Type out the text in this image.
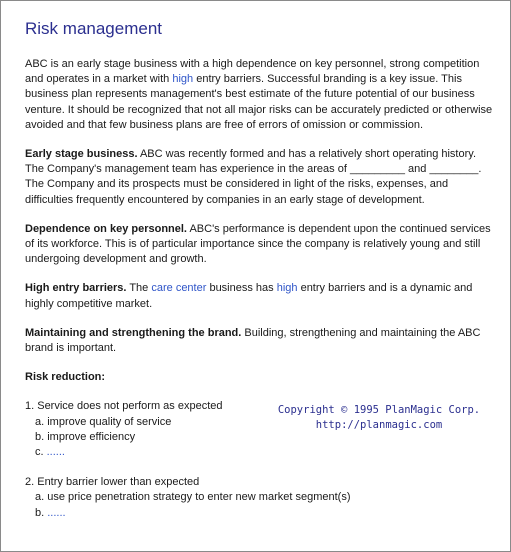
Risk management

ABC is an early stage business with a high dependence on key personnel, strong competition and operates in a market with high entry barriers. Successful branding is a key issue. This business plan represents management's best estimate of the future potential of our business venture. It should be recognized that not all major risks can be accurately predicted or otherwise avoided and that few business plans are free of errors of omission or commission.

Early stage business. ABC was recently formed and has a relatively short operating history. The Company's management team has experience in the areas of _________ and ________. The Company and its prospects must be considered in light of the risks, expenses, and difficulties frequently encountered by companies in an early stage of development.

Dependence on key personnel. ABC's performance is dependent upon the continued services of its workforce. This is of particular importance since the company is relatively young and still undergoing development and growth.

High entry barriers. The care center business has high entry barriers and is a dynamic and highly competitive market.

Maintaining and strengthening the brand. Building, strengthening and maintaining the ABC brand is important.

Risk reduction:

1. Service does not perform as expected
a. improve quality of service
b. improve efficiency
c. ......
2. Entry barrier lower than expected
a. use price penetration strategy to enter new market segment(s)
b. ......
Copyright © 1995 PlanMagic Corp.
http://planmagic.com
